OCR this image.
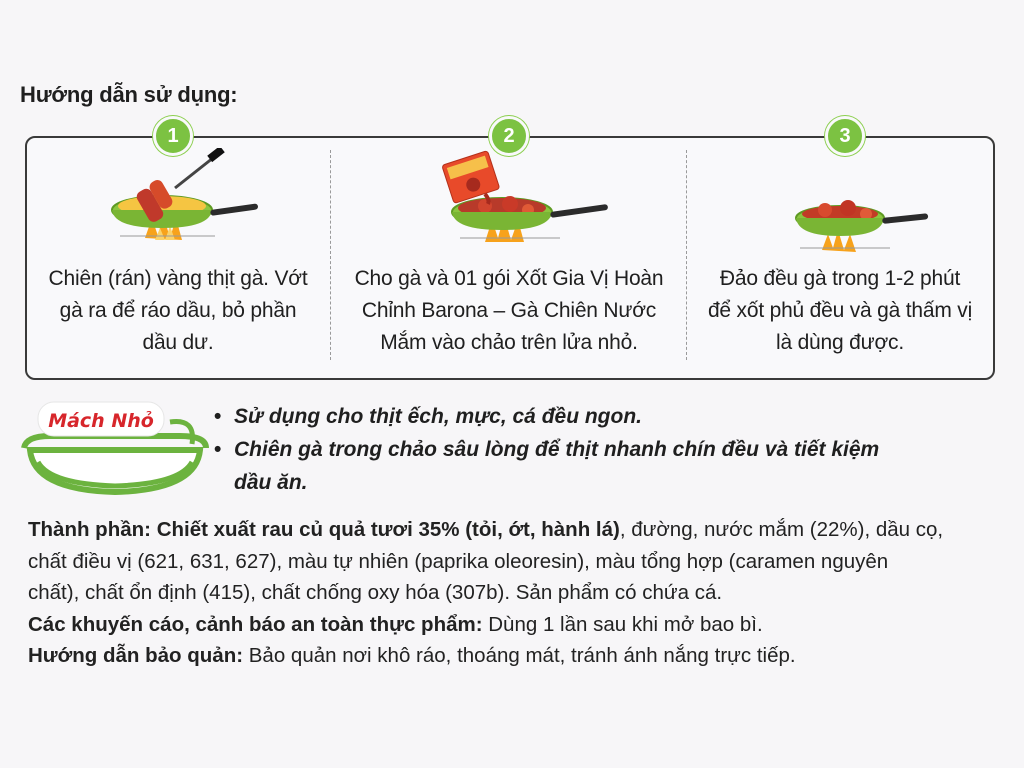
Hướng dẫn sử dụng:
1	2	3
Chiên (rán) vàng thịt gà. Vớt
gà ra để ráo dầu, bỏ phần
dầu dư.
Cho gà và 01 gói Xốt Gia Vị Hoàn
Chỉnh Barona – Gà Chiên Nước
Mắm vào chảo trên lửa nhỏ.
Đảo đều gà trong 1-2 phút
để xốt phủ đều và gà thấm vị
là dùng được.
Mách Nhỏ	• Sử dụng cho thịt ếch, mực, cá đều ngon.
• Chiên gà trong chảo sâu lòng để thịt nhanh chín đều và tiết kiệm
dầu ăn.
Thành phần: Chiết xuất rau củ quả tươi 35% (tỏi, ớt, hành lá), đường, nước mắm (22%), dầu cọ,
chất điều vị (621, 631, 627), màu tự nhiên (paprika oleoresin), màu tổng hợp (caramen nguyên
chất), chất ổn định (415), chất chống oxy hóa (307b). Sản phẩm có chứa cá.
Các khuyến cáo, cảnh báo an toàn thực phẩm: Dùng 1 lần sau khi mở bao bì.
Hướng dẫn bảo quản: Bảo quản nơi khô ráo, thoáng mát, tránh ánh nắng trực tiếp.
